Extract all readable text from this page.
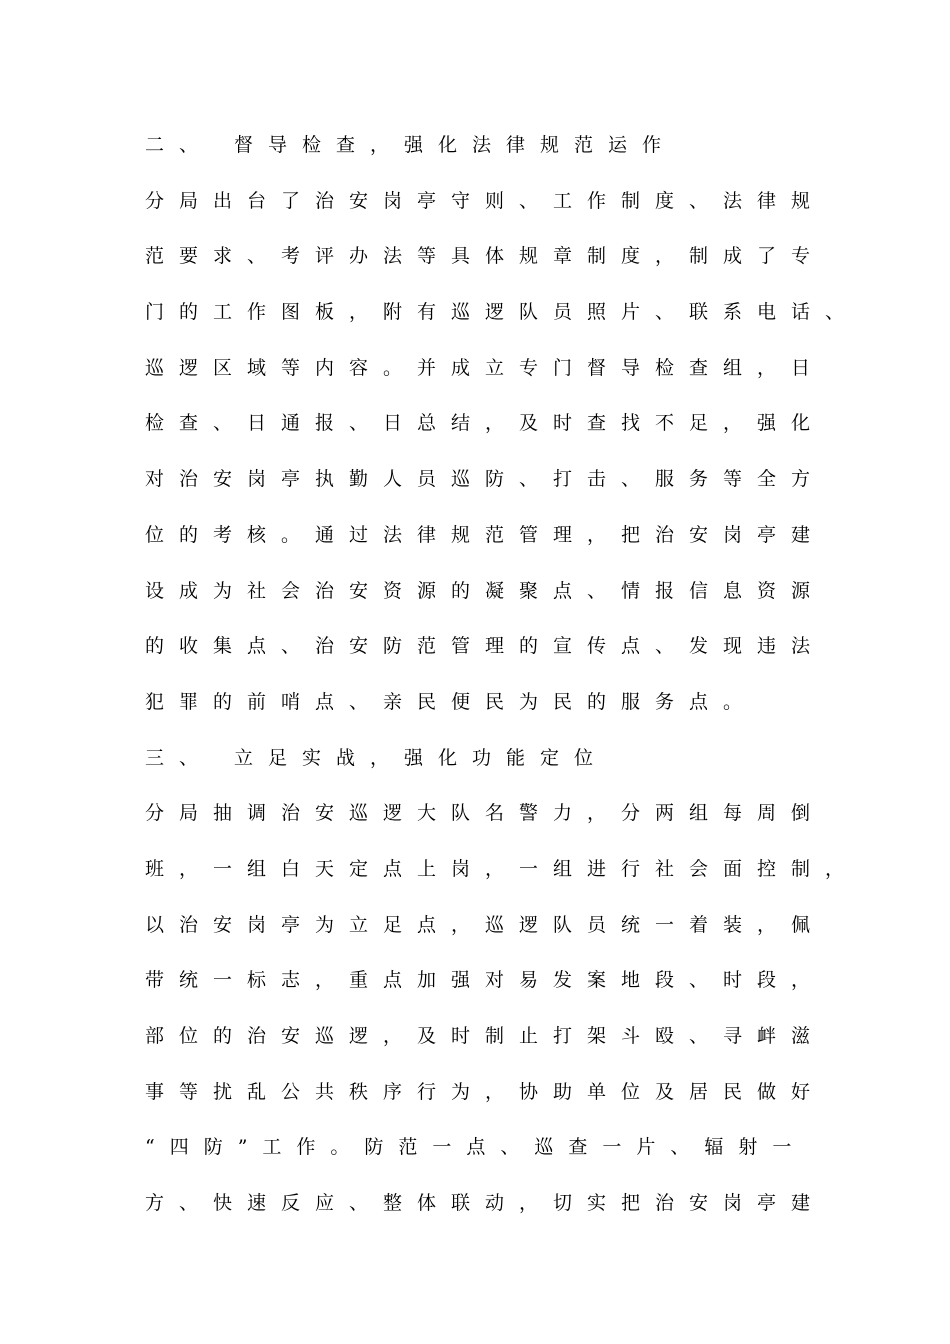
二、 督导检查，强化法律规范运作
分局出台了治安岗亭守则、工作制度、法律规
范要求、考评办法等具体规章制度，制成了专
门的工作图板，附有巡逻队员照片、联系电话、
巡逻区域等内容。并成立专门督导检查组，日
检查、日通报、日总结，及时查找不足，强化
对治安岗亭执勤人员巡防、打击、服务等全方
位的考核。通过法律规范管理，把治安岗亭建
设成为社会治安资源的凝聚点、情报信息资源
的收集点、治安防范管理的宣传点、发现违法
犯罪的前哨点、亲民便民为民的服务点。
三、 立足实战，强化功能定位
分局抽调治安巡逻大队名警力，分两组每周倒
班，一组白天定点上岗，一组进行社会面控制，
以治安岗亭为立足点，巡逻队员统一着装，佩
带统一标志，重点加强对易发案地段、时段，
部位的治安巡逻，及时制止打架斗殴、寻衅滋
事等扰乱公共秩序行为，协助单位及居民做好
“四防”工作。防范一点、巡查一片、辐射一
方、快速反应、整体联动，切实把治安岗亭建
